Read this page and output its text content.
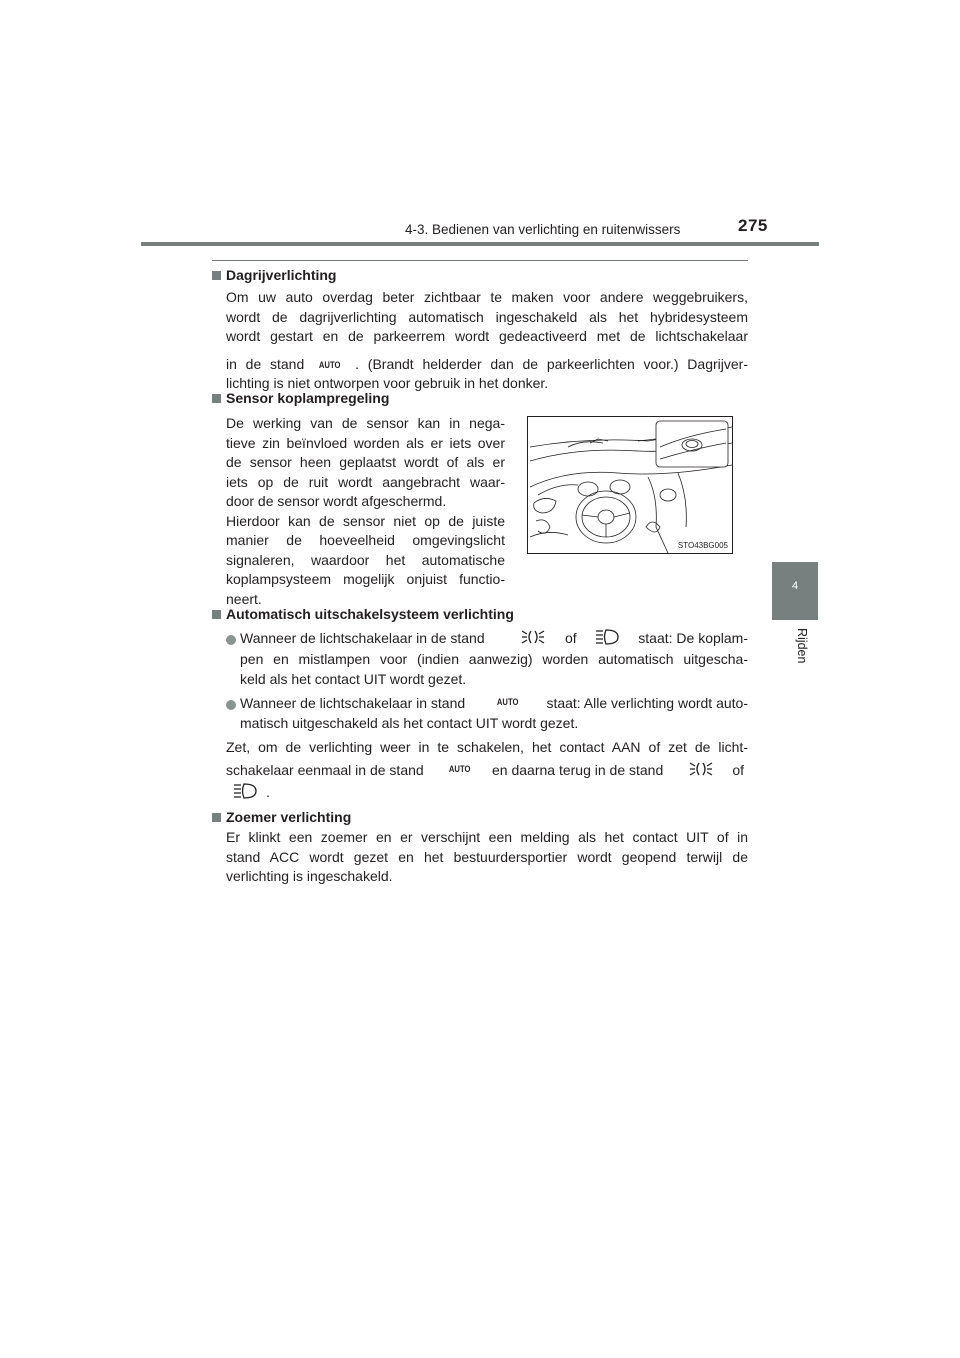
4-3. Bedienen van verlichting en ruitenwissers	275
4
Rijden
Dagrijverlichting
Om uw auto overdag beter zichtbaar te maken voor andere weggebruikers,
wordt de dagrijverlichting automatisch ingeschakeld als het hybridesysteem
wordt gestart en de parkeerrem wordt gedeactiveerd met de lichtschakelaar
in de stand AUTO . (Brandt helderder dan de parkeerlichten voor.) Dagrijver-
lichting is niet ontworpen voor gebruik in het donker.
Sensor koplampregeling
De werking van de sensor kan in nega-
tieve zin beïnvloed worden als er iets over
de sensor heen geplaatst wordt of als er
iets op de ruit wordt aangebracht waar-
door de sensor wordt afgeschermd.
Hierdoor kan de sensor niet op de juiste
manier de hoeveelheid omgevingslicht
signaleren, waardoor het automatische
koplampsysteem mogelijk onjuist functio-
neert.
STO43BG005
Automatisch uitschakelsysteem verlichting
Wanneer de lichtschakelaar in de stand	of	staat: De koplam-
pen en mistlampen voor (indien aanwezig) worden automatisch uitgescha-
keld als het contact UIT wordt gezet.
Wanneer de lichtschakelaar in stand	AUTO staat: Alle verlichting wordt auto-
matisch uitgeschakeld als het contact UIT wordt gezet.
Zet, om de verlichting weer in te schakelen, het contact AAN of zet de licht-
schakelaar eenmaal in de stand	AUTO en daarna terug in de stand	of
.
Zoemer verlichting
Er klinkt een zoemer en er verschijnt een melding als het contact UIT of in
stand ACC wordt gezet en het bestuurdersportier wordt geopend terwijl de
verlichting is ingeschakeld.
